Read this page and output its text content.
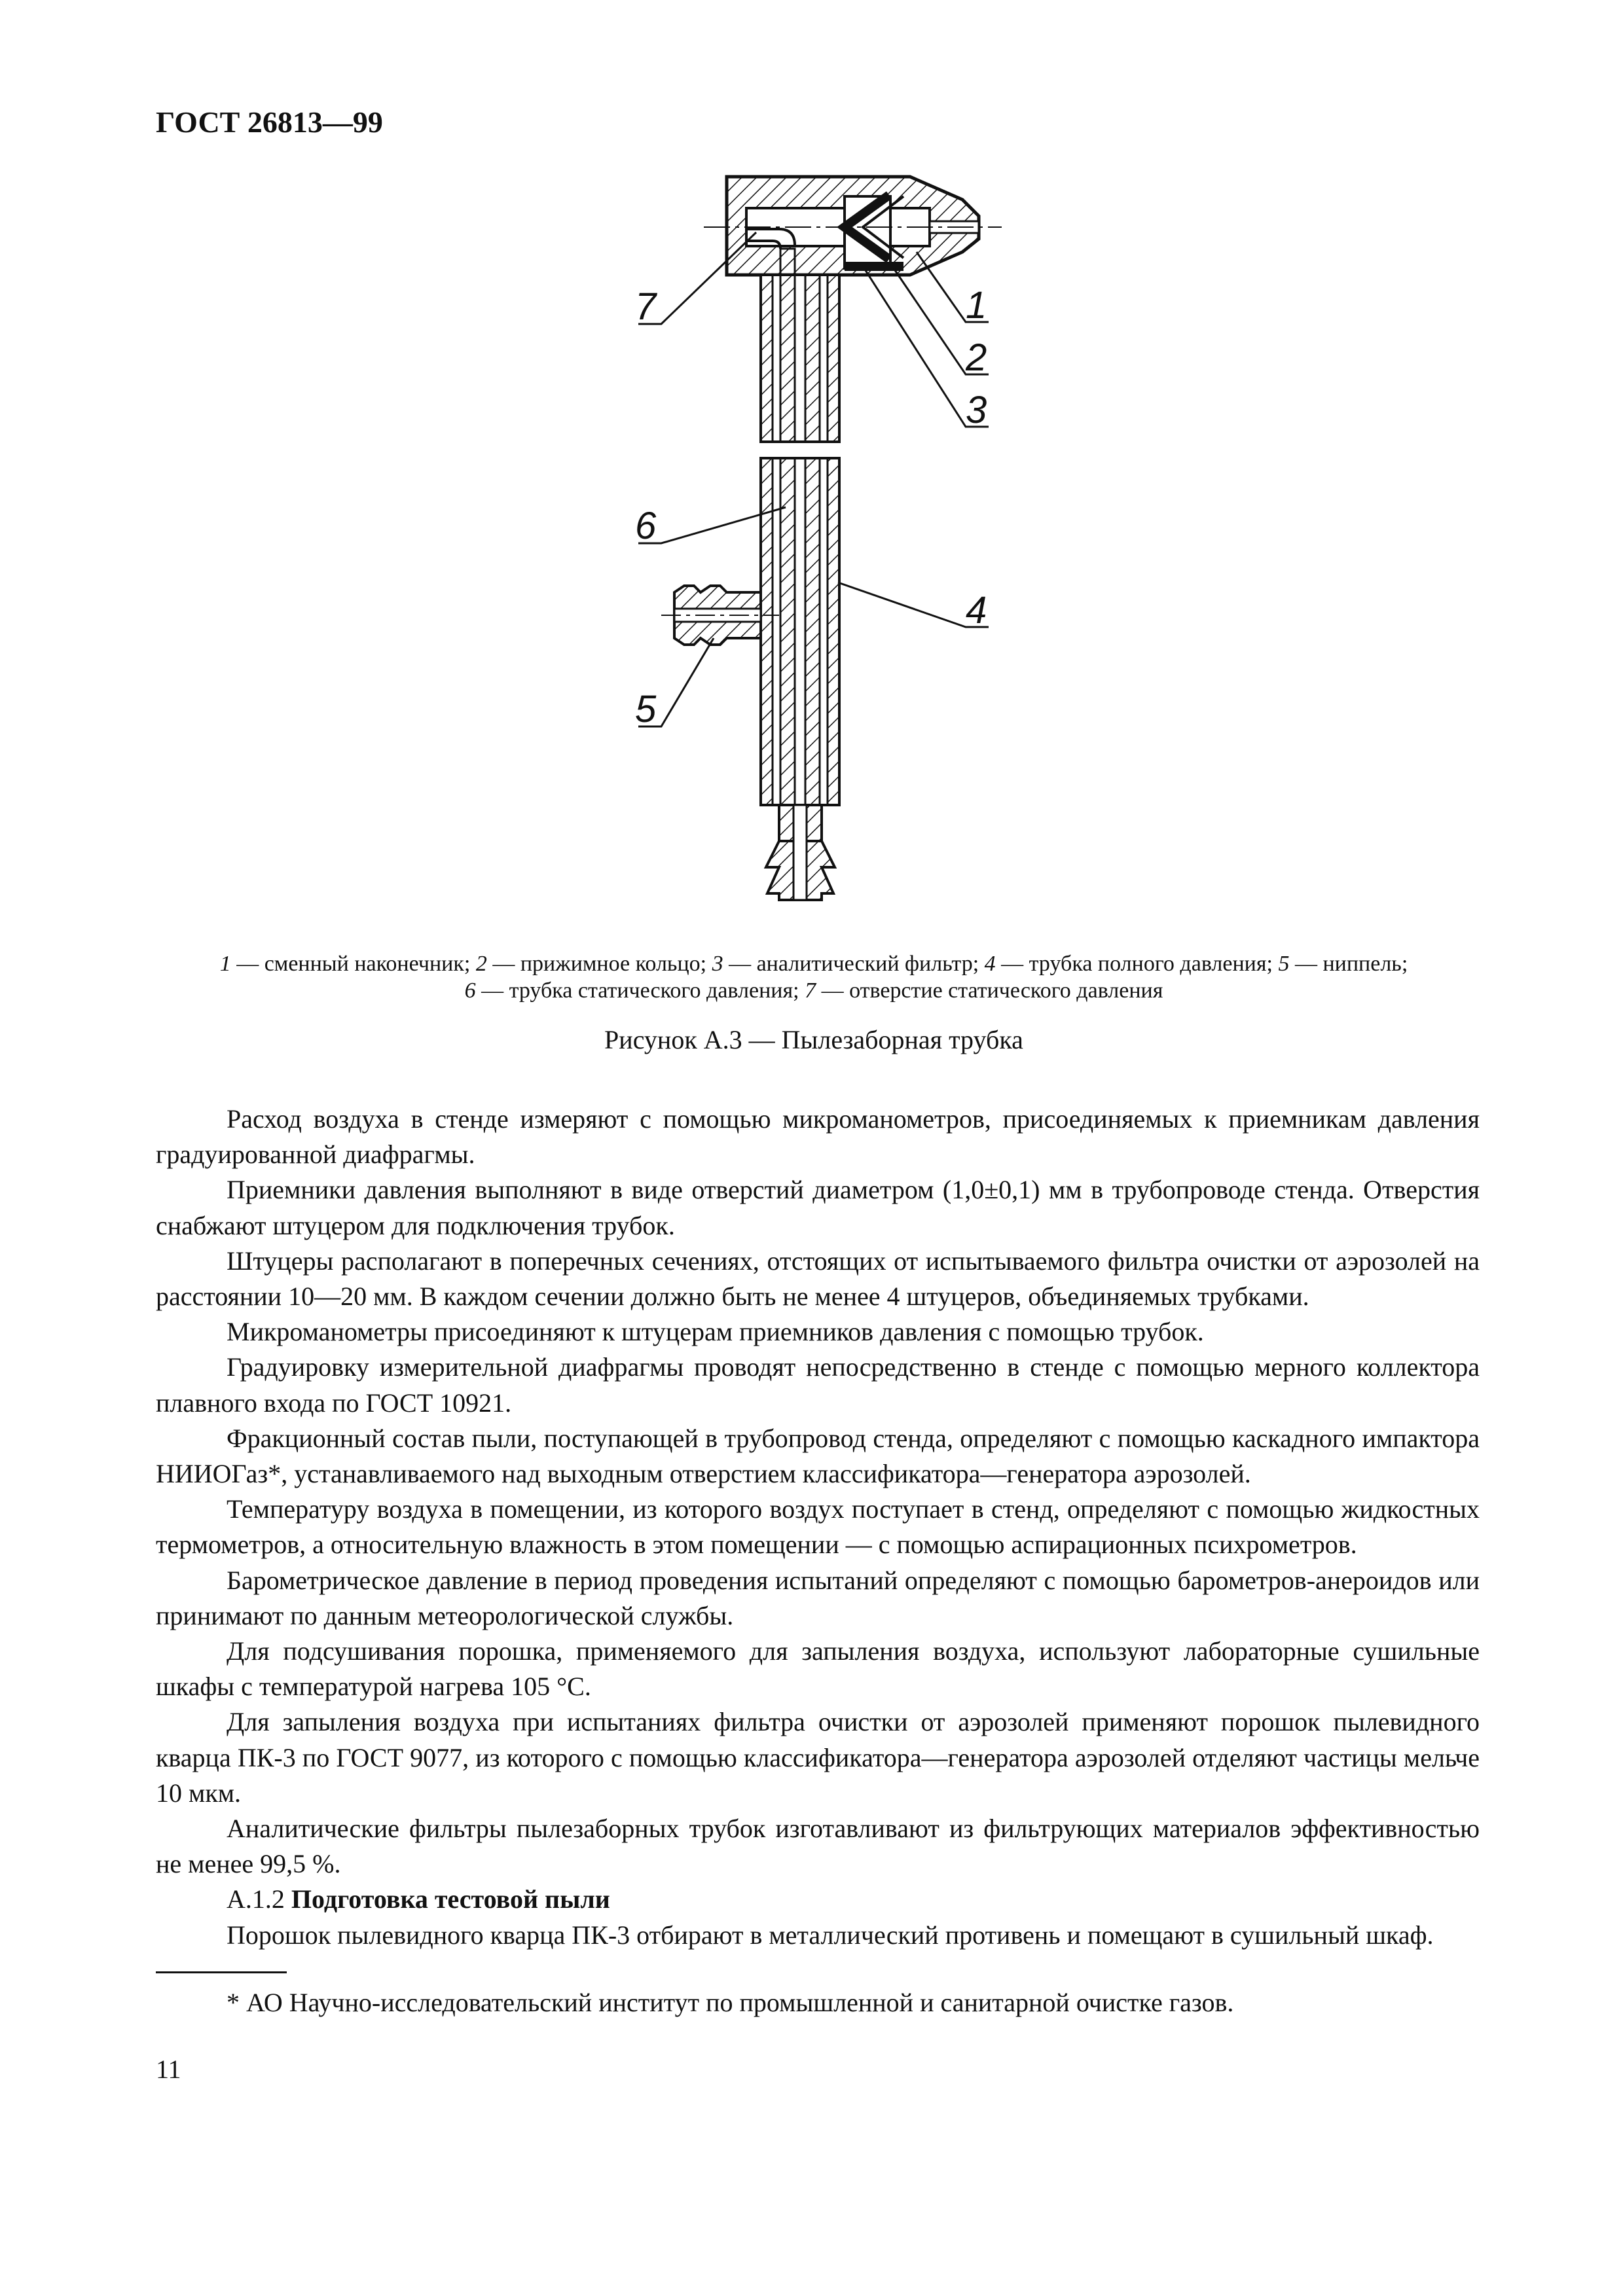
ГОСТ 26813—99
7	1
2
3
6
4
5
1 — сменный наконечник; 2 — прижимное кольцо; 3 — аналитический фильтр; 4 — трубка полного давления; 5 — ниппель;
6 — трубка статического давления; 7 — отверстие статического давления
Рисунок А.3 — Пылезаборная трубка

Расход воздуха в стенде измеряют с помощью микроманометров, присоединяемых к приемникам давления градуированной диафрагмы.

Приемники давления выполняют в виде отверстий диаметром (1,0±0,1) мм в трубопроводе стенда. Отверстия снабжают штуцером для подключения трубок.

Штуцеры располагают в поперечных сечениях, отстоящих от испытываемого фильтра очистки от аэрозолей на расстоянии 10—20 мм. В каждом сечении должно быть не менее 4 штуцеров, объединяемых трубками.

Микроманометры присоединяют к штуцерам приемников давления с помощью трубок.

Градуировку измерительной диафрагмы проводят непосредственно в стенде с помощью мерного коллектора плавного входа по ГОСТ 10921.

Фракционный состав пыли, поступающей в трубопровод стенда, определяют с помощью каскадного импактора НИИОГаз*, устанавливаемого над выходным отверстием классификатора—генератора аэрозолей.

Температуру воздуха в помещении, из которого воздух поступает в стенд, определяют с помощью жидкостных термометров, а относительную влажность в этом помещении — с помощью аспирационных психрометров.

Барометрическое давление в период проведения испытаний определяют с помощью барометров-анероидов или принимают по данным метеорологической службы.

Для подсушивания порошка, применяемого для запыления воздуха, используют лабораторные сушильные шкафы с температурой нагрева 105 °С.

Для запыления воздуха при испытаниях фильтра очистки от аэрозолей применяют порошок пылевидного кварца ПК-3 по ГОСТ 9077, из которого с помощью классификатора—генератора аэрозолей отделяют частицы мельче 10 мкм.

Аналитические фильтры пылезаборных трубок изготавливают из фильтрующих материалов эффективностью не менее 99,5 %.

А.1.2 Подготовка тестовой пыли

Порошок пылевидного кварца ПК-3 отбирают в металлический противень и помещают в сушильный шкаф.

* АО Научно-исследовательский институт по промышленной и санитарной очистке газов.
11
